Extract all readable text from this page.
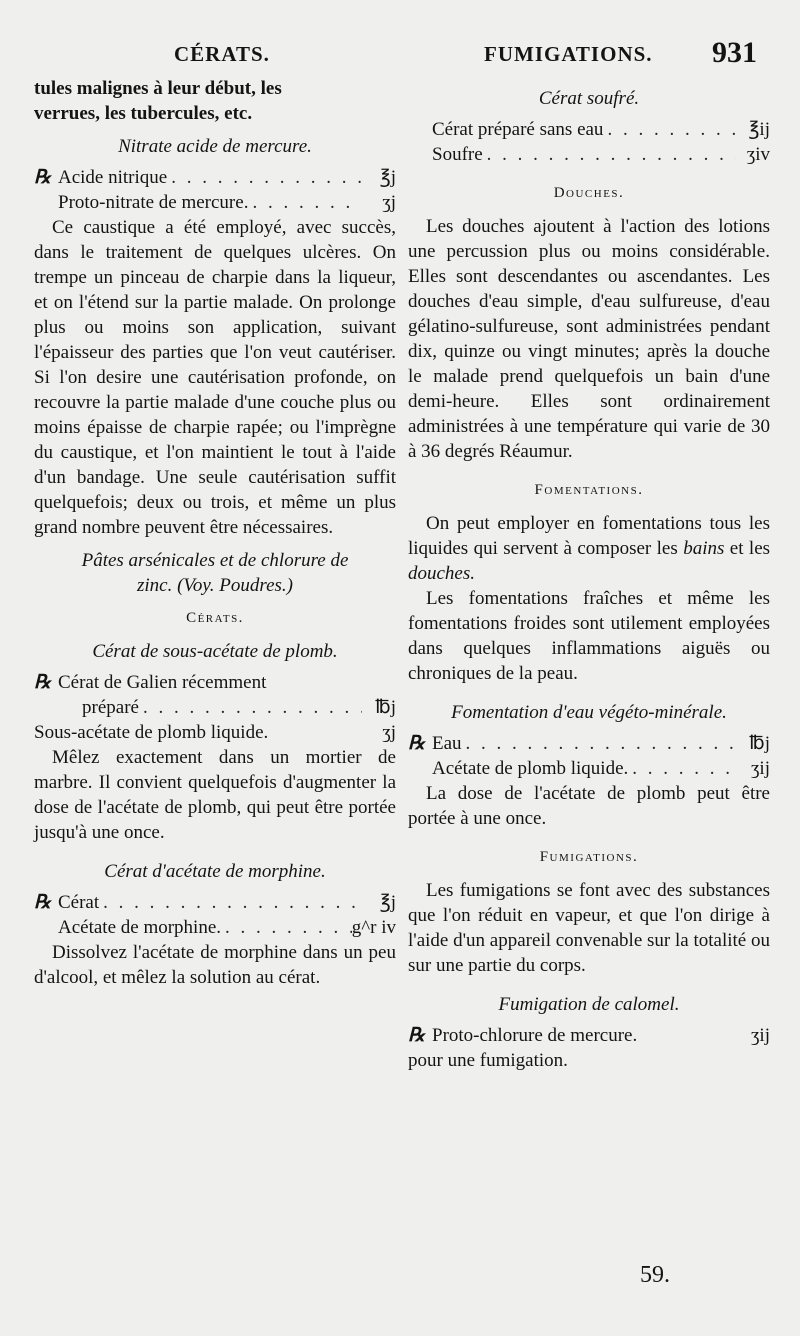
CÉRATS.
tules malignes à leur début, les
verrues, les tubercules, etc.
Nitrate acide de mercure.
℞ Acide nitrique . . .	℥j
Proto-nitrate de mercure. . . .	ʒj

Ce caustique a été employé, avec succès, dans le traitement de quelques ulcères. On trempe un pinceau de charpie dans la liqueur, et on l'étend sur la partie malade. On prolonge plus ou moins son application, suivant l'épaisseur des parties que l'on veut cautériser. Si l'on desire une cautérisation profonde, on recouvre la partie malade d'une couche plus ou moins épaisse de charpie rapée; ou l'imprègne du caustique, et l'on maintient le tout à l'aide d'un bandage. Une seule cautérisation suffit quelquefois; deux ou trois, et même un plus grand nombre peuvent être nécessaires.

Pâtes arsénicales et de chlorure de
zinc. (Voy. Poudres.)
Cérats.
Cérat de sous-acétate de plomb.
℞ Cérat de Galien récemment
préparé . . .	℔j
Sous-acétate de plomb liquide.	ʒj

Mêlez exactement dans un mortier de marbre. Il convient quelquefois d'augmenter la dose de l'acétate de plomb, qui peut être portée jusqu'à une once.

Cérat d'acétate de morphine.
℞ Cérat . . .	℥j
Acétate de morphine. . . .	g^r iv

Dissolvez l'acétate de morphine dans un peu d'alcool, et mêlez la solution au cérat.

FUMIGATIONS.
Cérat soufré.
Cérat préparé sans eau . . .	℥ij
Soufre . . .	ʒiv
Douches.

Les douches ajoutent à l'action des lotions une percussion plus ou moins considérable. Elles sont descendantes ou ascendantes. Les douches d'eau simple, d'eau sulfureuse, d'eau gélatino-sulfureuse, sont administrées pendant dix, quinze ou vingt minutes; après la douche le malade prend quelquefois un bain d'une demi-heure. Elles sont ordinairement administrées à une température qui varie de 30 à 36 degrés Réaumur.

Fomentations.

On peut employer en fomentations tous les liquides qui servent à composer les bains et les douches.

Les fomentations fraîches et même les fomentations froides sont utilement employées dans quelques inflammations aiguës ou chroniques de la peau.

Fomentation d'eau végéto-minérale.
℞ Eau . . .	℔j
Acétate de plomb liquide. . . .	ʒij

La dose de l'acétate de plomb peut être portée à une once.

Fumigations.

Les fumigations se font avec des substances que l'on réduit en vapeur, et que l'on dirige à l'aide d'un appareil convenable sur la totalité ou sur une partie du corps.

Fumigation de calomel.
℞ Proto-chlorure de mercure.	ʒij
pour une fumigation.
931
59.
